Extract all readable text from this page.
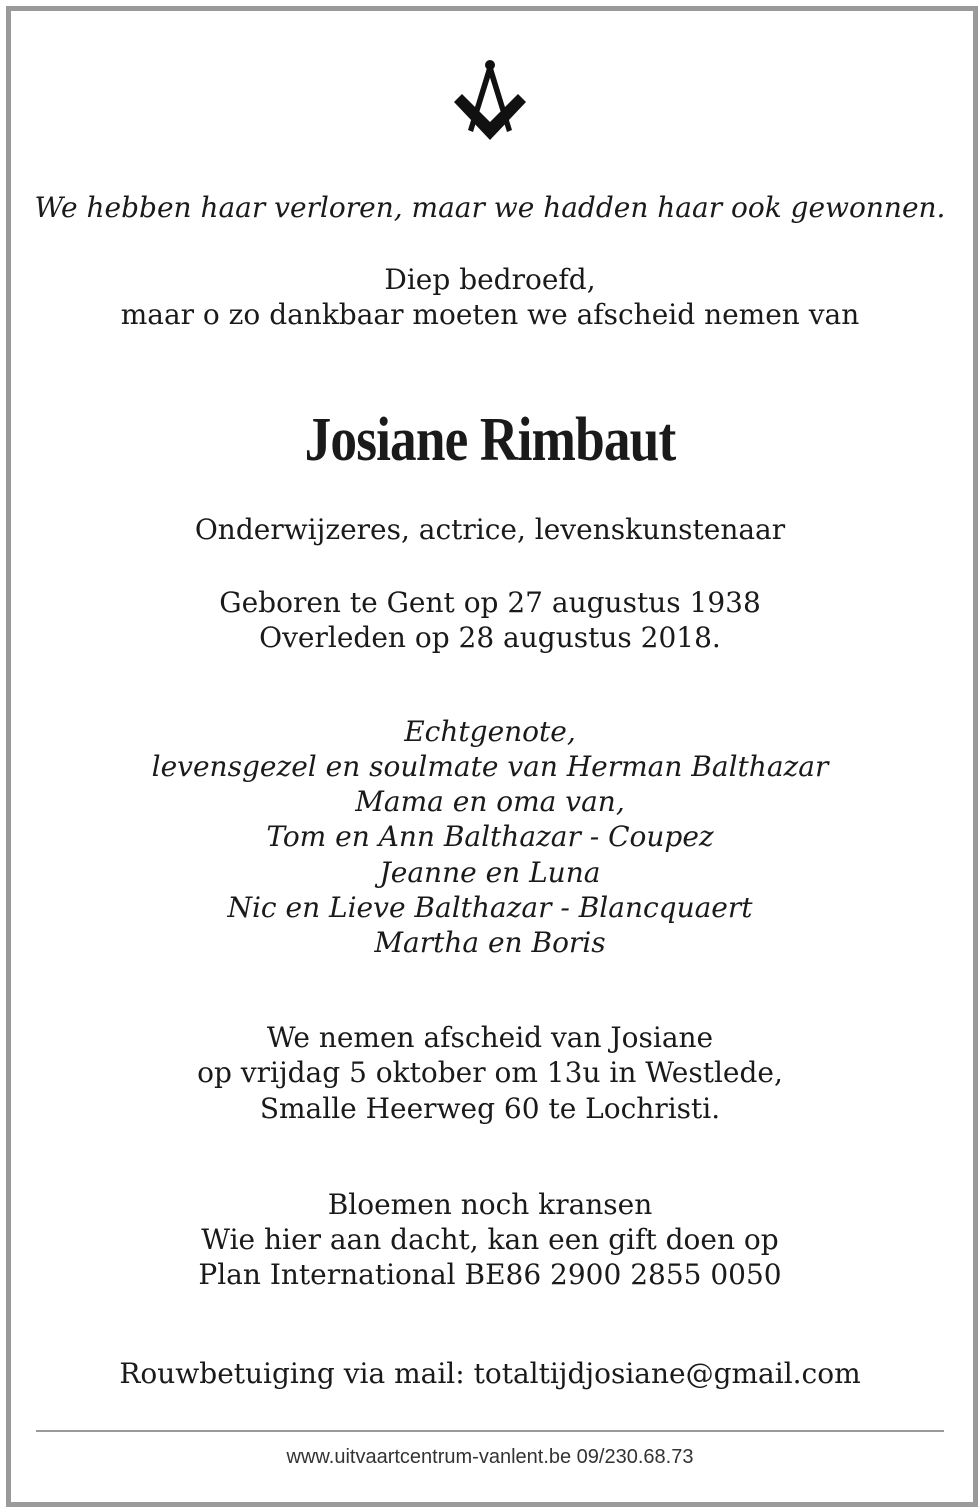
We hebben haar verloren, maar we hadden haar ook gewonnen.
Diep bedroefd,
maar o zo dankbaar moeten we afscheid nemen van
Josiane Rimbaut
Onderwijzeres, actrice, levenskunstenaar
Geboren te Gent op 27 augustus 1938
Overleden op 28 augustus 2018.
Echtgenote,
levensgezel en soulmate van Herman Balthazar
Mama en oma van,
Tom en Ann Balthazar - Coupez
Jeanne en Luna
Nic en Lieve Balthazar - Blancquaert
Martha en Boris
We nemen afscheid van Josiane
op vrijdag 5 oktober om 13u in Westlede,
Smalle Heerweg 60 te Lochristi.
Bloemen noch kransen
Wie hier aan dacht, kan een gift doen op
Plan International BE86 2900 2855 0050
Rouwbetuiging via mail: totaltijdjosiane@gmail.com
www.uitvaartcentrum-vanlent.be 09/230.68.73
